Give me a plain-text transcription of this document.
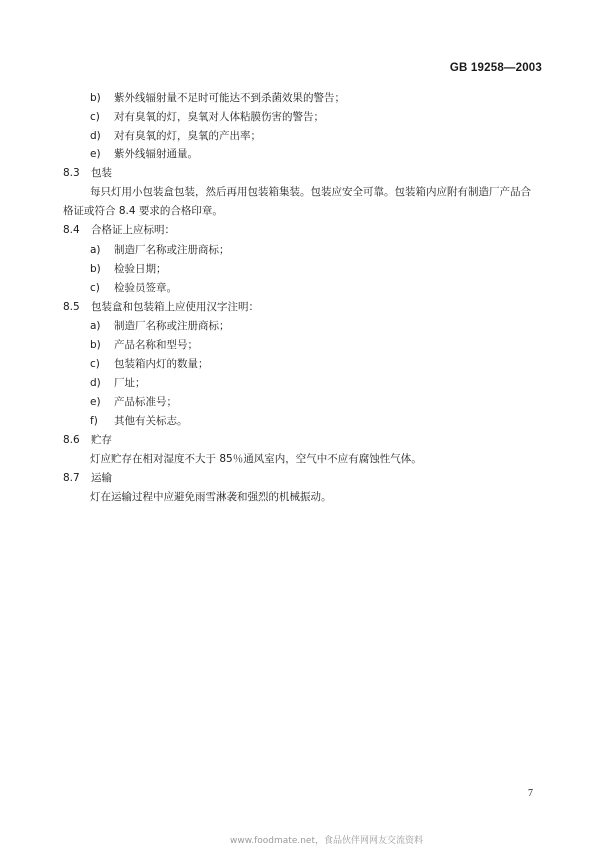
GB 19258—2003
b) 紫外线辐射量不足时可能达不到杀菌效果的警告；
c) 对有臭氧的灯，臭氧对人体粘膜伤害的警告；
d) 对有臭氧的灯，臭氧的产出率；
e) 紫外线辐射通量。
8.3 包装
每只灯用小包装盒包装，然后再用包装箱集装。包装应安全可靠。包装箱内应附有制造厂产品合
格证或符合 8.4 要求的合格印章。
8.4 合格证上应标明：
a) 制造厂名称或注册商标；
b) 检验日期；
c) 检验员签章。
8.5 包装盒和包装箱上应使用汉字注明：
a) 制造厂名称或注册商标；
b) 产品名称和型号；
c) 包装箱内灯的数量；
d) 厂址；
e) 产品标准号；
f) 其他有关标志。
8.6 贮存
灯应贮存在相对湿度不大于 85％通风室内，空气中不应有腐蚀性气体。
8.7 运输
灯在运输过程中应避免雨雪淋袭和强烈的机械振动。
7
www.foodmate.net，食品伙伴网网友交流资料
